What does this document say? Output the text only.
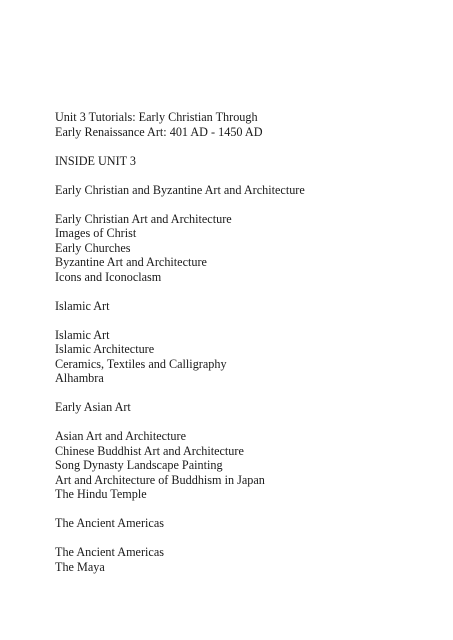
Unit 3 Tutorials: Early Christian Through
Early Renaissance Art: 401 AD - 1450 AD
INSIDE UNIT 3
Early Christian and Byzantine Art and Architecture
Early Christian Art and Architecture
Images of Christ
Early Churches
Byzantine Art and Architecture
Icons and Iconoclasm
Islamic Art
Islamic Art
Islamic Architecture
Ceramics, Textiles and Calligraphy
Alhambra
Early Asian Art
Asian Art and Architecture
Chinese Buddhist Art and Architecture
Song Dynasty Landscape Painting
Art and Architecture of Buddhism in Japan
The Hindu Temple
The Ancient Americas
The Ancient Americas
The Maya
